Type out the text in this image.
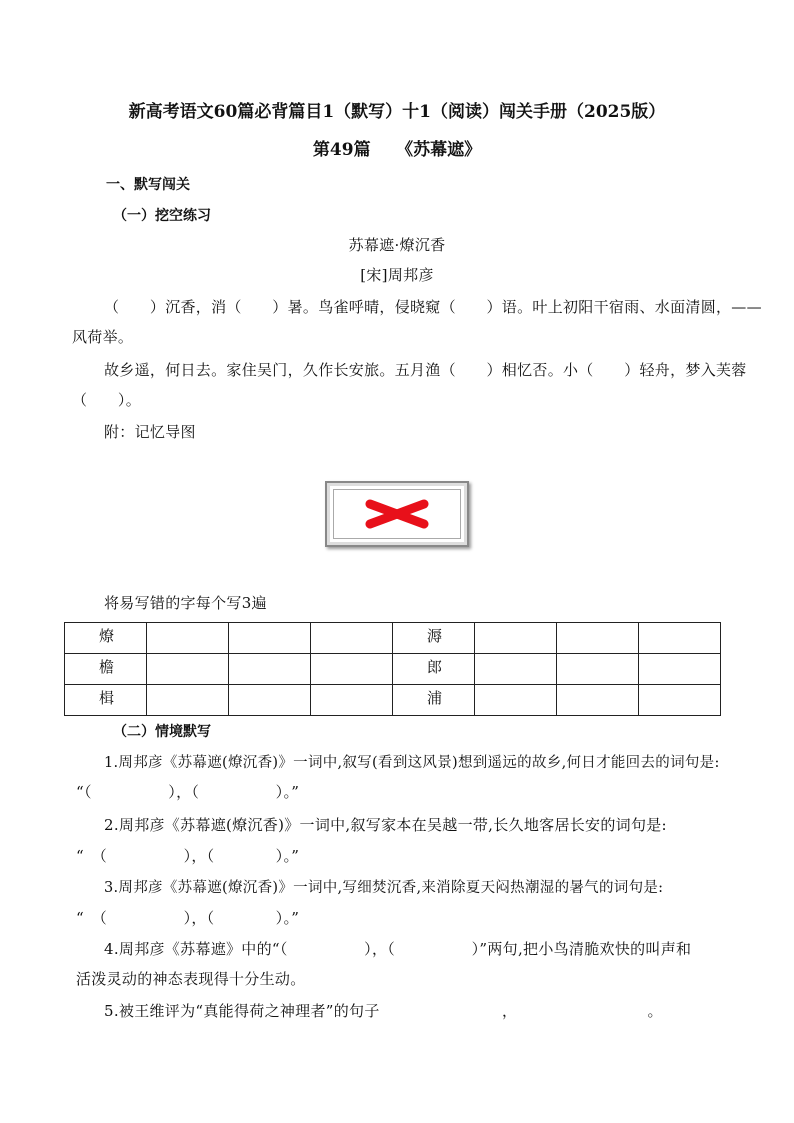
新高考语文60篇必背篇目1（默写）十1（阅读）闯关手册（2025版）
第49篇　　《苏幕遮》
一、默写闯关
（一）挖空练习
苏幕遮·燎沉香
[宋]周邦彦
（　　）沉香，消（　　）暑。鸟雀呼晴，侵晓窥（　　）语。叶上初阳干宿雨、水面清圆，——
风荷举。
故乡遥，何日去。家住吴门，久作长安旅。五月渔（　　）相忆否。小（　　）轻舟，梦入芙蓉
（　　）。
附：记忆导图
将易写错的字每个写3遍
燎				溽			
檐				郎			
楫				浦			
（二）情境默写
1.周邦彦《苏幕遮(燎沉香)》一词中,叙写(看到这风景)想到遥远的故乡,何日才能回去的词句是:
“（　　　　　），（　　　　　）。”
2.周邦彦《苏幕遮(燎沉香)》一词中,叙写家本在吴越一带,长久地客居长安的词句是:
“　（　　　　　），（　　　　）。”
3.周邦彦《苏幕遮(燎沉香)》一词中,写细焚沉香,来消除夏天闷热潮湿的暑气的词句是:
“　（　　　　　），（　　　　）。”
4.周邦彦《苏幕遮》中的“（　　　　　），（　　　　　）”两句,把小鸟清脆欢快的叫声和
活泼灵动的神态表现得十分生动。
5.被王维评为“真能得荷之神理者”的句子　　　　　　　　，　　　　　　　　　。
